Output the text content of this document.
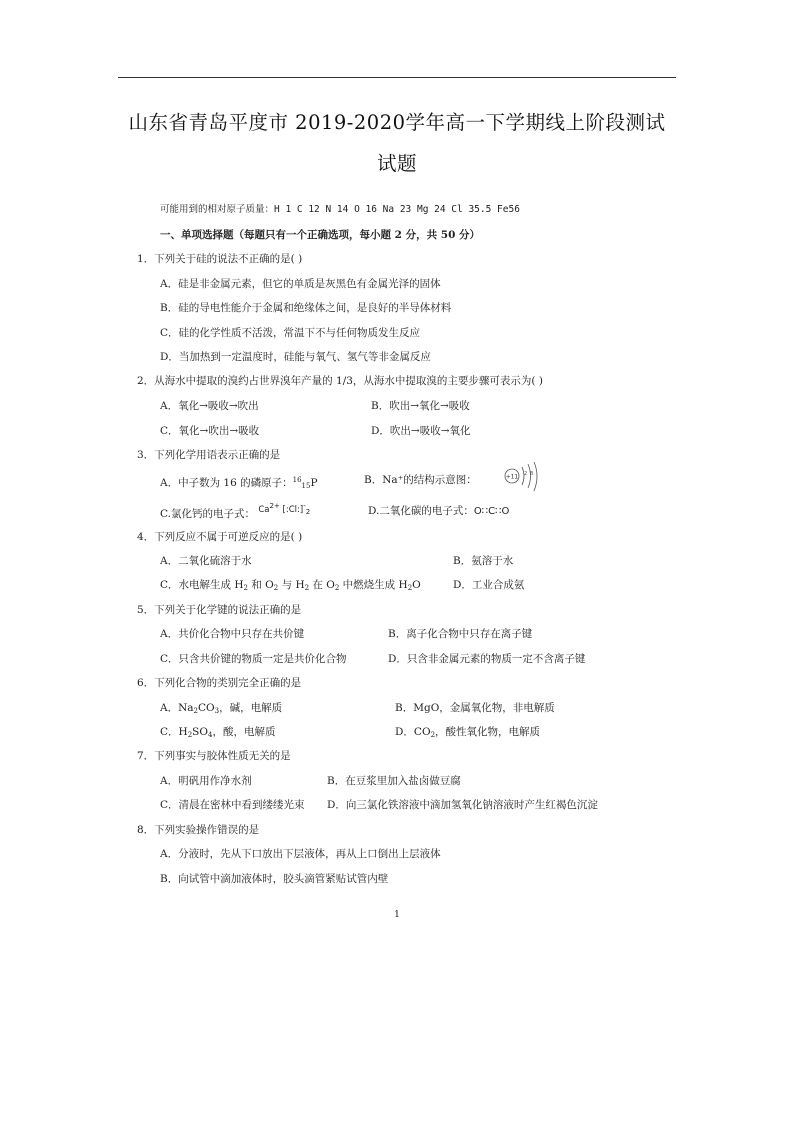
山东省青岛平度市 2019-2020学年高一下学期线上阶段测试
试题
可能用到的相对原子质量：H 1 C 12 N 14 O 16 Na 23 Mg 24 Cl 35.5 Fe56
一、单项选择题（每题只有一个正确选项，每小题 2 分，共 50 分）
1．下列关于硅的说法不正确的是( )
A．硅是非金属元素，但它的单质是灰黑色有金属光泽的固体
B．硅的导电性能介于金属和绝缘体之间，是良好的半导体材料
C．硅的化学性质不活泼，常温下不与任何物质发生反应
D．当加热到一定温度时，硅能与氧气、氢气等非金属反应
2．从海水中提取的溴约占世界溴年产量的 1/3，从海水中提取溴的主要步骤可表示为( )
A．氧化→吸收→吹出	B．吹出→氧化→吸收
C．氧化→吹出→吸收	D．吹出→吸收→氧化
3．下列化学用语表示正确的是
A．中子数为 16 的磷原子：$^{16}_{15}$P	B．Na⁺的结构示意图：	+11 2 8
C.氯化钙的电子式： $^{Ca^{2+} [:Cl:]^-_2}$	D.二氧化碳的电子式：O∷C∷O
4．下列反应不属于可逆反应的是( )
A．二氧化硫溶于水	B．氨溶于水
C．水电解生成 $H_2$ 和 $O_2$ 与 $H_2$ 在 $O_2$ 中燃烧生成 $H_2O$	D．工业合成氨
5．下列关于化学键的说法正确的是
A．共价化合物中只存在共价键	B．离子化合物中只存在离子键
C．只含共价键的物质一定是共价化合物	D．只含非金属元素的物质一定不含离子键
6．下列化合物的类别完全正确的是
A．$Na_2CO_3$，碱，电解质	B．MgO，金属氧化物，非电解质
C．$H_2SO_4$，酸，电解质	D．$CO_2$，酸性氧化物，电解质
7．下列事实与胶体性质无关的是
A．明矾用作净水剂	B．在豆浆里加入盐卤做豆腐
C．清晨在密林中看到缕缕光束 D．向三氯化铁溶液中滴加氢氧化钠溶液时产生红褐色沉淀
8．下列实验操作错误的是
A．分液时，先从下口放出下层液体，再从上口倒出上层液体
B．向试管中滴加液体时，胶头滴管紧贴试管内壁
1
